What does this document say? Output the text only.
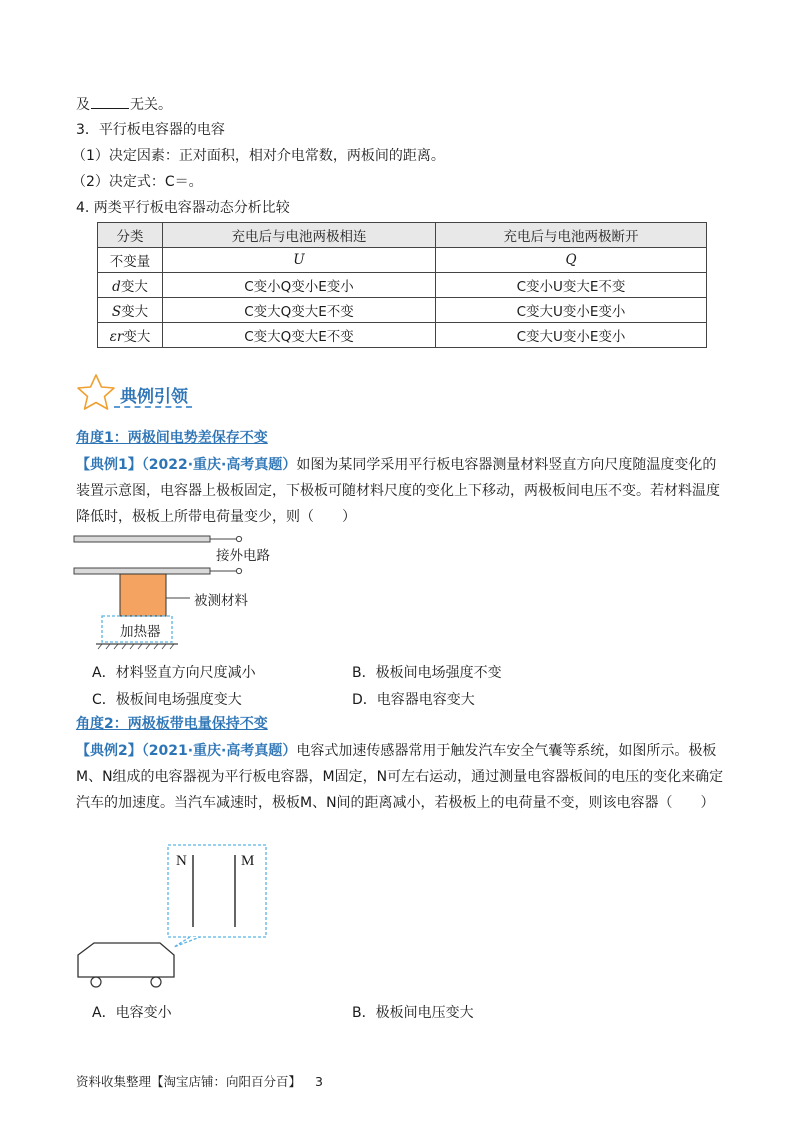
及	无关。
3．平行板电容器的电容
（1）决定因素：正对面积，相对介电常数，两板间的距离。
（2）决定式：C＝。
4. 两类平行板电容器动态分析比较
分类	充电后与电池两极相连	充电后与电池两极断开
不变量	U	Q
d变大	C变小Q变小E变小	C变小U变大E不变
S变大	C变大Q变大E不变	C变大U变小E变小
εr变大	C变大Q变大E不变	C变大U变小E变小
典例引领
角度1：两极间电势差保存不变
【典例1】（2022·重庆·高考真题）如图为某同学采用平行板电容器测量材料竖直方向尺度随温度变化的装置示意图，电容器上极板固定，下极板可随材料尺度的变化上下移动，两极板间电压不变。若材料温度降低时，极板上所带电荷量变少，则（　　）
接外电路
被测材料
加热器
A．材料竖直方向尺度减小	B．极板间电场强度不变
C．极板间电场强度变大	D．电容器电容变大
角度2：两极板带电量保持不变
【典例2】（2021·重庆·高考真题）电容式加速传感器常用于触发汽车安全气囊等系统，如图所示。极板M、N组成的电容器视为平行板电容器，M固定，N可左右运动，通过测量电容器板间的电压的变化来确定汽车的加速度。当汽车减速时，极板M、N间的距离减小，若极板上的电荷量不变，则该电容器（　　）
N	M
A．电容变小	B．极板间电压变大
资料收集整理【淘宝店铺：向阳百分百】 3
